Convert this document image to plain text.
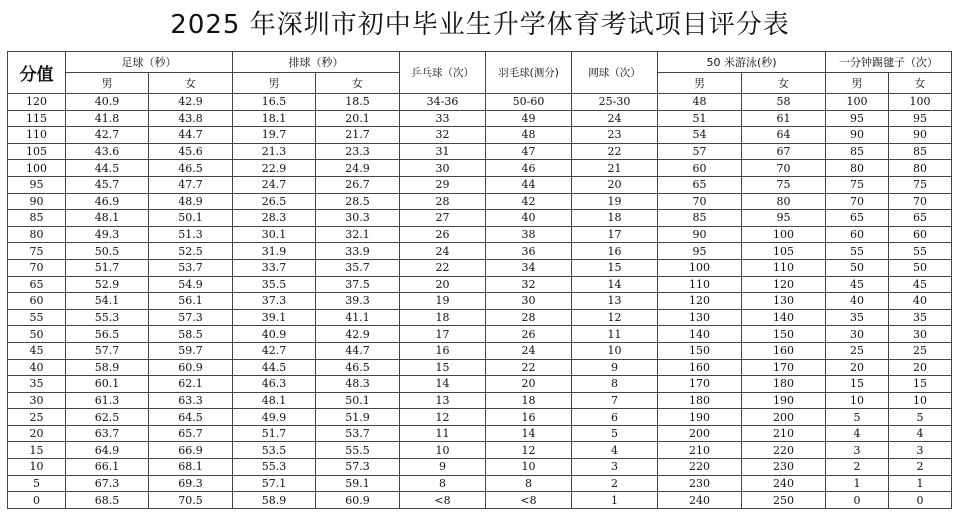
2025 年深圳市初中毕业生升学体育考试项目评分表
分值	足球（秒）		排球（秒）		乒乓球（次）	羽毛球(测分)	网球（次）	50 米游泳(秒)		一分钟踢毽子（次）	
	男	女	男	女				男	女	男	女
120	40.9	42.9	16.5	18.5	34-36	50-60	25-30	48	58	100	100
115	41.8	43.8	18.1	20.1	33	49	24	51	61	95	95
110	42.7	44.7	19.7	21.7	32	48	23	54	64	90	90
105	43.6	45.6	21.3	23.3	31	47	22	57	67	85	85
100	44.5	46.5	22.9	24.9	30	46	21	60	70	80	80
95	45.7	47.7	24.7	26.7	29	44	20	65	75	75	75
90	46.9	48.9	26.5	28.5	28	42	19	70	80	70	70
85	48.1	50.1	28.3	30.3	27	40	18	85	95	65	65
80	49.3	51.3	30.1	32.1	26	38	17	90	100	60	60
75	50.5	52.5	31.9	33.9	24	36	16	95	105	55	55
70	51.7	53.7	33.7	35.7	22	34	15	100	110	50	50
65	52.9	54.9	35.5	37.5	20	32	14	110	120	45	45
60	54.1	56.1	37.3	39.3	19	30	13	120	130	40	40
55	55.3	57.3	39.1	41.1	18	28	12	130	140	35	35
50	56.5	58.5	40.9	42.9	17	26	11	140	150	30	30
45	57.7	59.7	42.7	44.7	16	24	10	150	160	25	25
40	58.9	60.9	44.5	46.5	15	22	9	160	170	20	20
35	60.1	62.1	46.3	48.3	14	20	8	170	180	15	15
30	61.3	63.3	48.1	50.1	13	18	7	180	190	10	10
25	62.5	64.5	49.9	51.9	12	16	6	190	200	5	5
20	63.7	65.7	51.7	53.7	11	14	5	200	210	4	4
15	64.9	66.9	53.5	55.5	10	12	4	210	220	3	3
10	66.1	68.1	55.3	57.3	9	10	3	220	230	2	2
5	67.3	69.3	57.1	59.1	8	8	2	230	240	1	1
0	68.5	70.5	58.9	60.9	<8	<8	1	240	250	0	0
